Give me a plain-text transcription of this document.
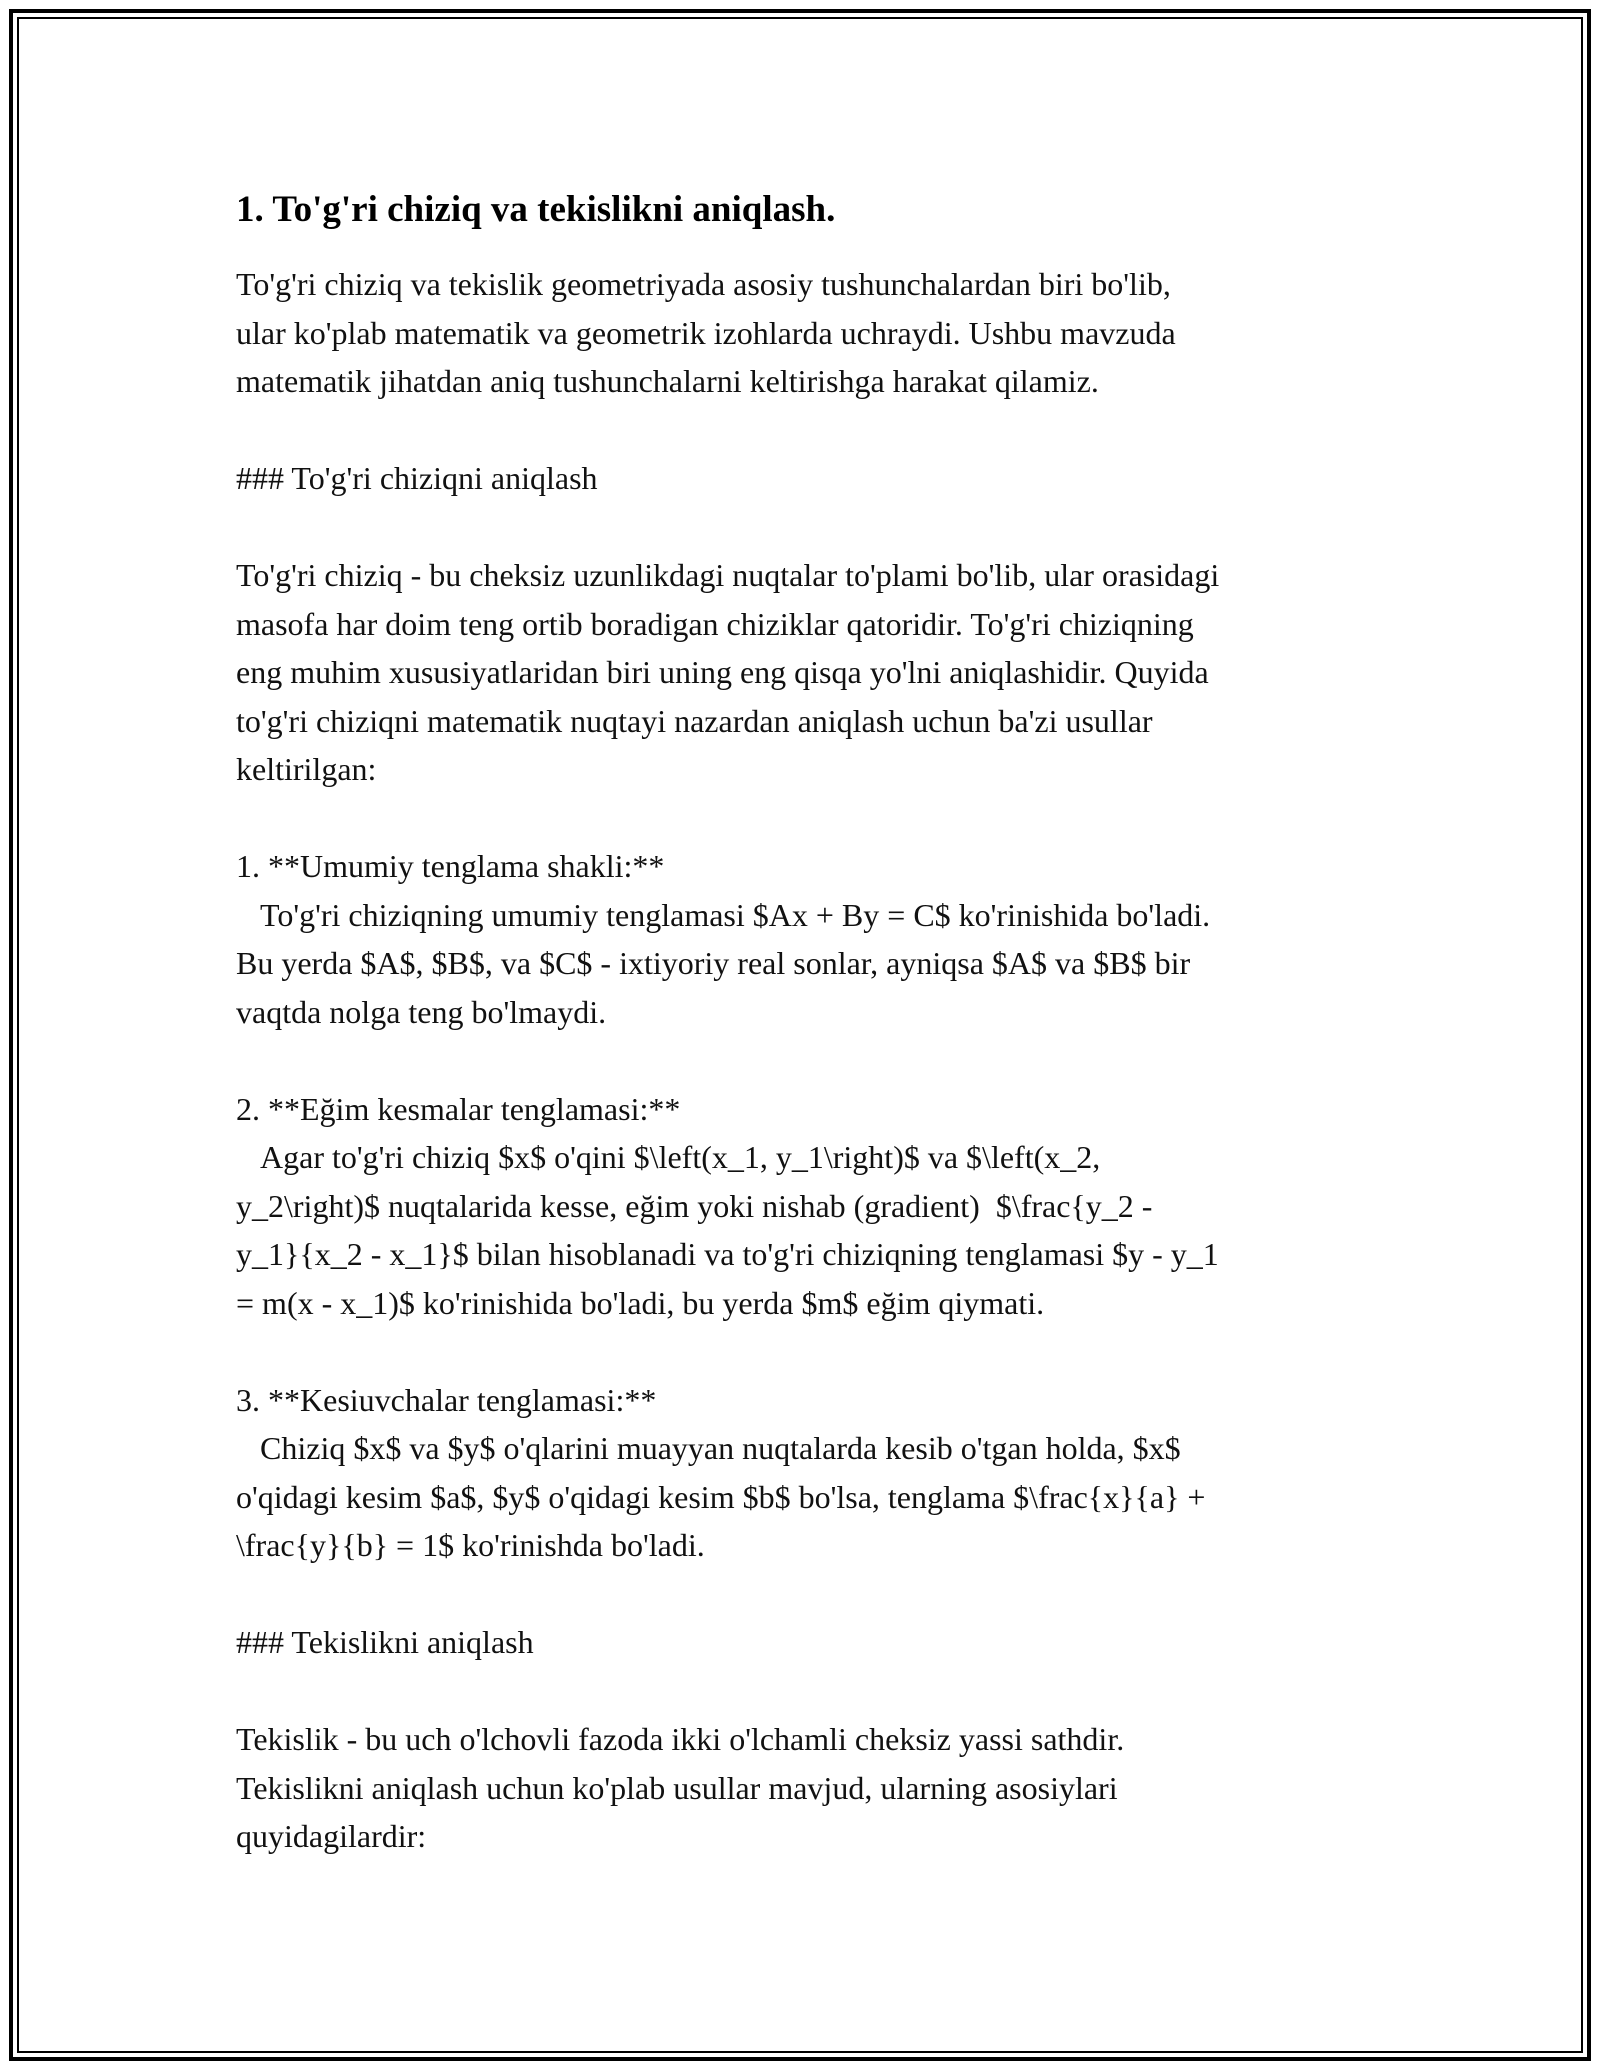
1. To'g'ri chiziq va tekislikni aniqlash.

To'g'ri chiziq va tekislik geometriyada asosiy tushunchalardan biri bo'lib,
ular ko'plab matematik va geometrik izohlarda uchraydi. Ushbu mavzuda
matematik jihatdan aniq tushunchalarni keltirishga harakat qilamiz.

### To'g'ri chiziqni aniqlash

To'g'ri chiziq - bu cheksiz uzunlikdagi nuqtalar to'plami bo'lib, ular orasidagi
masofa har doim teng ortib boradigan chiziklar qatoridir. To'g'ri chiziqning
eng muhim xususiyatlaridan biri uning eng qisqa yo'lni aniqlashidir. Quyida
to'g'ri chiziqni matematik nuqtayi nazardan aniqlash uchun ba'zi usullar
keltirilgan:

1. **Umumiy tenglama shakli:**
To'g'ri chiziqning umumiy tenglamasi $Ax + By = C$ ko'rinishida bo'ladi.
Bu yerda $A$, $B$, va $C$ - ixtiyoriy real sonlar, ayniqsa $A$ va $B$ bir
vaqtda nolga teng bo'lmaydi.

2. **Eğim kesmalar tenglamasi:**
Agar to'g'ri chiziq $x$ o'qini $\left(x_1, y_1\right)$ va $\left(x_2,
y_2\right)$ nuqtalarida kesse, eğim yoki nishab (gradient)  $\frac{y_2 -
y_1}{x_2 - x_1}$ bilan hisoblanadi va to'g'ri chiziqning tenglamasi $y - y_1
= m(x - x_1)$ ko'rinishida bo'ladi, bu yerda $m$ eğim qiymati.

3. **Kesiuvchalar tenglamasi:**
Chiziq $x$ va $y$ o'qlarini muayyan nuqtalarda kesib o'tgan holda, $x$
o'qidagi kesim $a$, $y$ o'qidagi kesim $b$ bo'lsa, tenglama $\frac{x}{a} +
\frac{y}{b} = 1$ ko'rinishda bo'ladi.

### Tekislikni aniqlash

Tekislik - bu uch o'lchovli fazoda ikki o'lchamli cheksiz yassi sathdir.
Tekislikni aniqlash uchun ko'plab usullar mavjud, ularning asosiylari
quyidagilardir:
